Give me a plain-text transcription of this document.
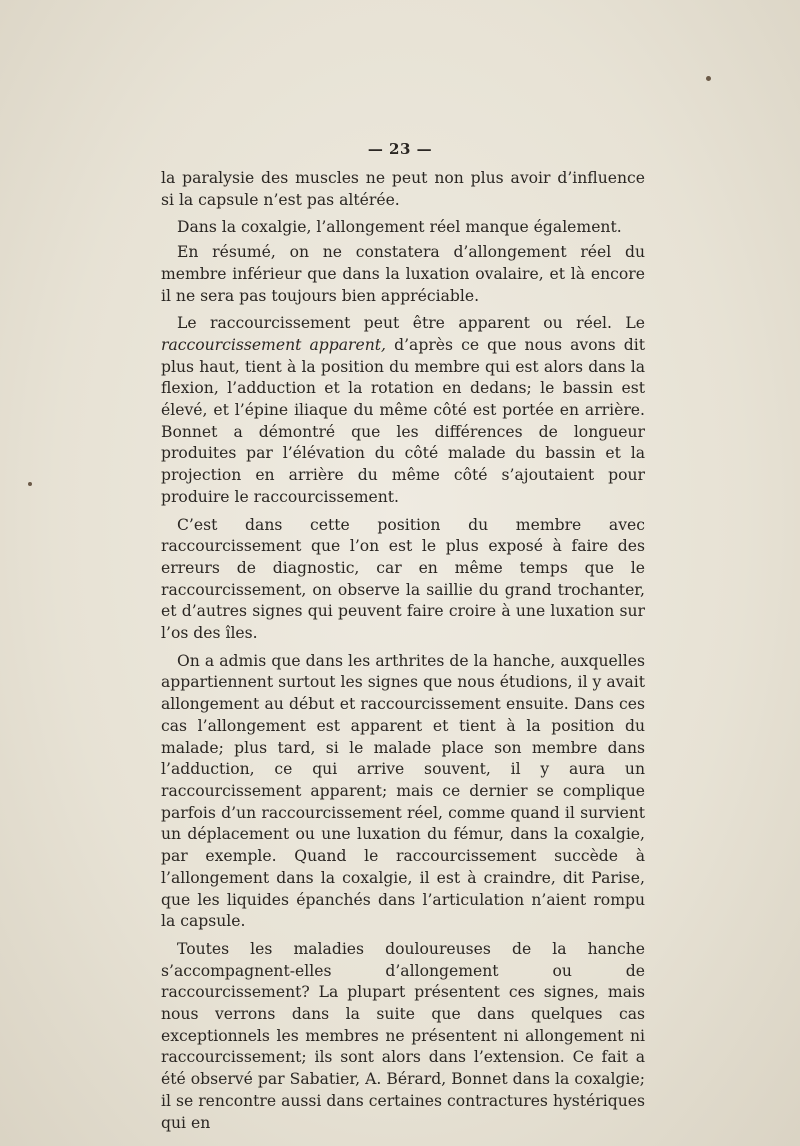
— 23 —

la paralysie des muscles ne peut non plus avoir d’influence si la capsule n’est pas altérée.

Dans la coxalgie, l’allongement réel manque également.

En résumé, on ne constatera d’allongement réel du membre inférieur que dans la luxation ovalaire, et là encore il ne sera pas toujours bien appréciable.

Le raccourcissement peut être apparent ou réel. Le raccourcissement apparent, d’après ce que nous avons dit plus haut, tient à la position du membre qui est alors dans la flexion, l’adduction et la rotation en dedans; le bassin est élevé, et l’épine iliaque du même côté est portée en arrière. Bonnet a démontré que les différences de longueur produites par l’élévation du côté malade du bassin et la projection en arrière du même côté s’ajoutaient pour produire le raccourcissement.

C’est dans cette position du membre avec raccourcissement que l’on est le plus exposé à faire des erreurs de diagnostic, car en même temps que le raccourcissement, on observe la saillie du grand trochanter, et d’autres signes qui peuvent faire croire à une luxation sur l’os des îles.

On a admis que dans les arthrites de la hanche, auxquelles appartiennent surtout les signes que nous étudions, il y avait allongement au début et raccourcissement ensuite. Dans ces cas l’allongement est apparent et tient à la position du malade; plus tard, si le malade place son membre dans l’adduction, ce qui arrive souvent, il y aura un raccourcissement apparent; mais ce dernier se complique parfois d’un raccourcissement réel, comme quand il survient un déplacement ou une luxation du fémur, dans la coxalgie, par exemple. Quand le raccourcissement succède à l’allongement dans la coxalgie, il est à craindre, dit Parise, que les liquides épanchés dans l’articulation n’aient rompu la capsule.

Toutes les maladies douloureuses de la hanche s’accompagnent-elles d’allongement ou de raccourcissement? La plupart présentent ces signes, mais nous verrons dans la suite que dans quelques cas exceptionnels les membres ne présentent ni allongement ni raccourcissement; ils sont alors dans l’extension. Ce fait a été observé par Sabatier, A. Bérard, Bonnet dans la coxalgie; il se rencontre aussi dans certaines contractures hystériques qui en
